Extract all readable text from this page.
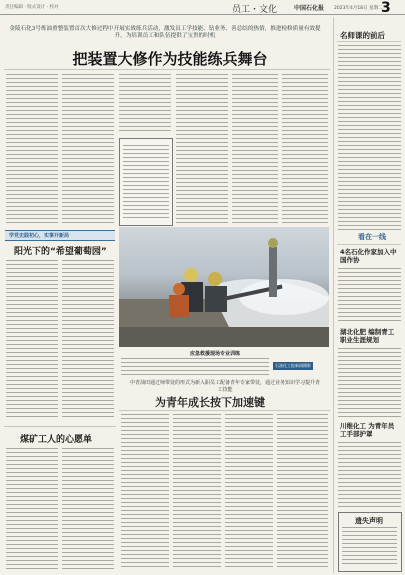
责任编辑 · 版式设计 · 校对	员工・文化	中国石化报 2023年4月18日 星期二
3
金陵石化3号炼油重整装置首次大修过程中开展实战练兵活动，激发员工学技能、钻业务、善总结的热情，推进检修质量有效提升，为培训员工和队伍提供了宝贵的时机
把装置大修作为技能练兵舞台
学党史践初心，实事开新局
阳光下的“希望葡萄园”
煤矿工人的心愿单
应急救援现场专业训练
石油化工报新闻摄影
中青油田通过师带徒的形式为新入职员工配备青年专家带徒，通过业务知识学习提升青工技能
为青年成长按下加速键
名师课的前后
看在一线
4名石化作家加入中国作协
湖北化肥 编制青工职业生涯规划
川维化工 为青年员工手部护罩
遗失声明
